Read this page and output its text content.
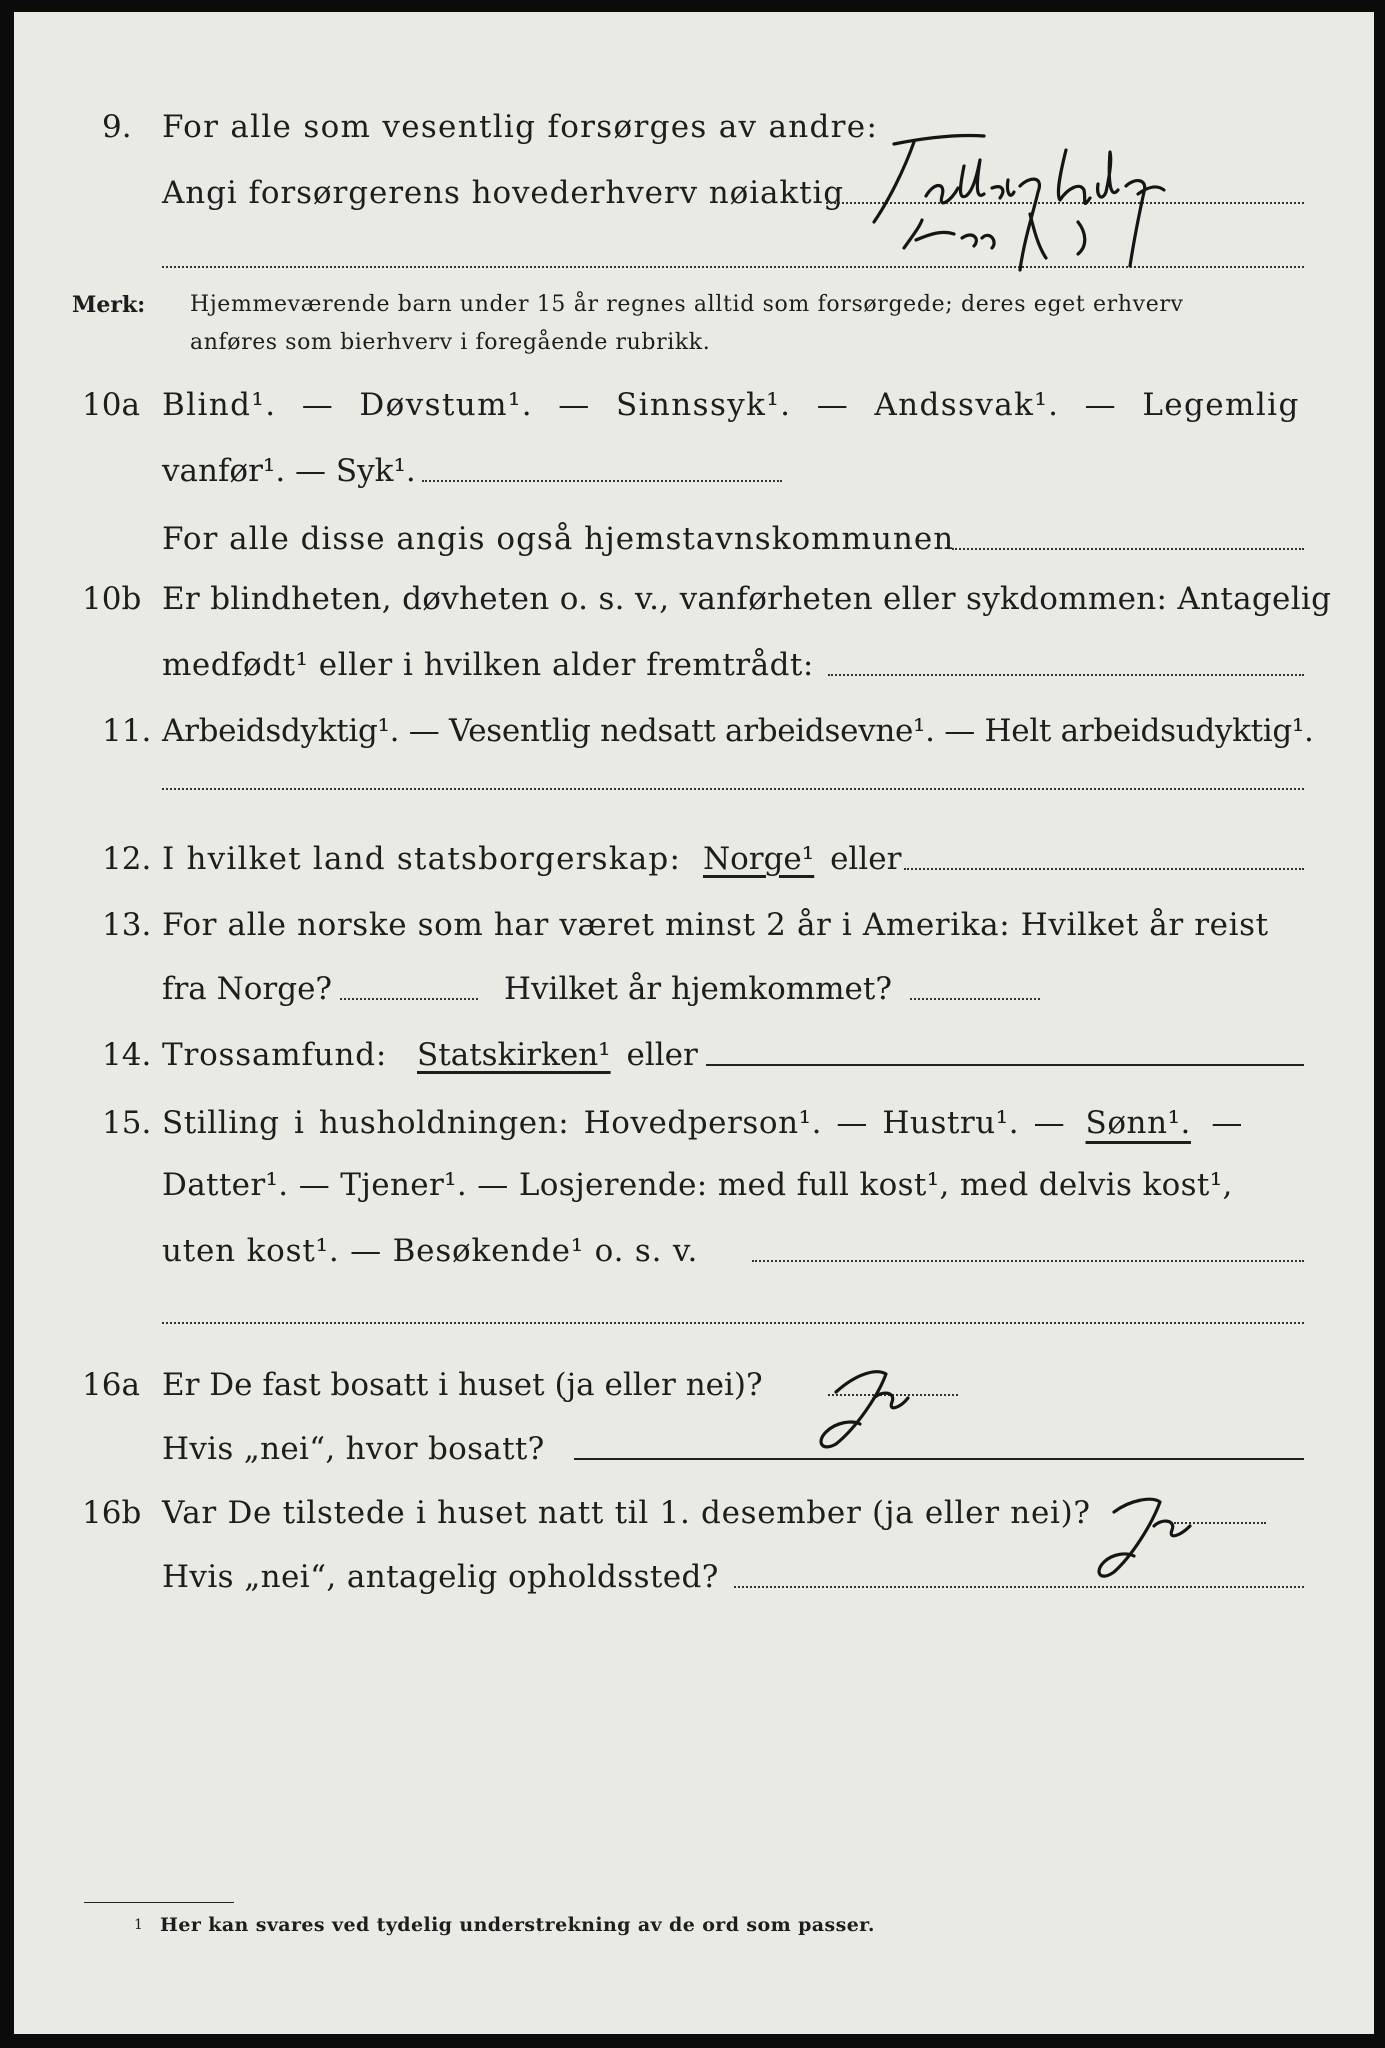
9. For alle som vesentlig forsørges av andre:

Angi forsørgerens hovederhverv nøiaktig

Merk: Hjemmeværende barn under 15 år regnes alltid som forsørgede; deres eget erhverv

anføres som bierhverv i foregående rubrikk.

10a Blind¹. — Døvstum¹. — Sinnssyk¹. — Andssvak¹. — Legemlig

vanfør¹. — Syk¹.

For alle disse angis også hjemstavnskommunen

10b Er blindheten, døvheten o. s. v., vanførheten eller sykdommen: Antagelig

medfødt¹ eller i hvilken alder fremtrådt:

11. Arbeidsdyktig¹. — Vesentlig nedsatt arbeidsevne¹. — Helt arbeidsudyktig¹.

12. I hvilket land statsborgerskap: Norge¹ eller

13. For alle norske som har været minst 2 år i Amerika: Hvilket år reist

fra Norge?	Hvilket år hjemkommet?

14. Trossamfund: Statskirken¹ eller

15. Stilling i husholdningen: Hovedperson¹. — Hustru¹. — Sønn¹. —

Datter¹. — Tjener¹. — Losjerende: med full kost¹, med delvis kost¹,

uten kost¹. — Besøkende¹ o. s. v.

16a Er De fast bosatt i huset (ja eller nei)?

Hvis „nei“, hvor bosatt?

16b Var De tilstede i huset natt til 1. desember (ja eller nei)?

Hvis „nei“, antagelig opholdssted?

1 Her kan svares ved tydelig understrekning av de ord som passer.
